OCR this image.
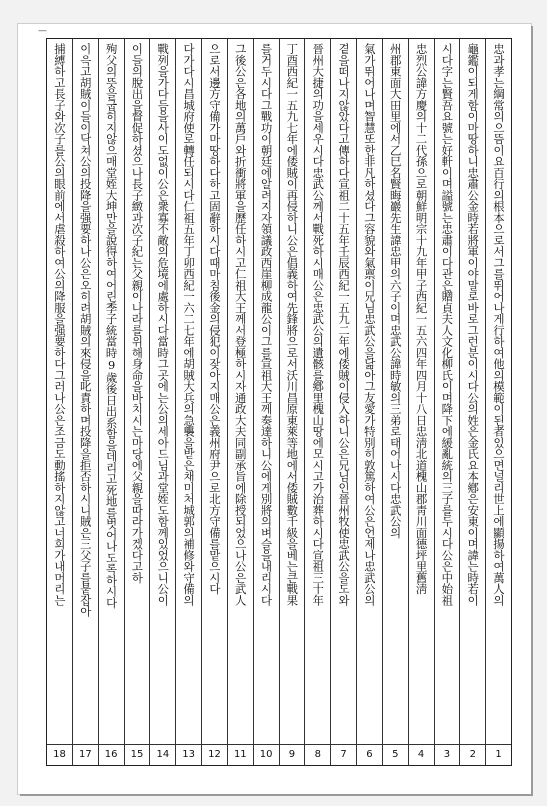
—
忠과孝는綱常의으뜸이요百行의根本으로서그를뛰어나게行하여他의模範이된者있으면널리世上에顯揚하여萬人의
1
龜鑑이되게함이마땅하니忠肅公金時若將軍이야말로바로그런분이시다公의姓은金氏요本鄕은安東이며諱는時若이
2
시다字는賢吾요號는好軒이며謚號는忠肅이다관은贈貞夫人文化柳氏이며降下에緩亂統의三子를두시다公은中始祖
3
忠烈公諱方慶의十二代孫으로朝鮮明宗十九年甲子西紀一五六四年四月十八日忠淸北道槐山郡靑川面德坪里舊淸
4
州郡東面大田里에서乙巳名賢晦巖先生諱忠甲의六子이며忠武公諱時敏의三弟로태어나시다忠武公의
5
氣가뛰어나며智慧또한非凡하셨다그容貌와氣禀이兄님忠武公을닮아그友愛가特別히敦篤하여公은언제나忠武公의
6
곁을떠나지않았다고傳하다宣祖二十五年壬辰西紀一五九二年에倭賊이侵入하니公은兄님인晉州牧使忠武公을도와
7
晉州大捷의功을세우시다忠武公께서戰死하시매公은忠武公의遺骸를鄕里槐山땅에모시고가治葬하시다宣祖三十年
8
丁酉西紀一五九七年에倭賊이再侵하니公은倡義하여先鋒將으로서沃川昌原東萊等地에서倭賊數千級을베는큰戰果
9
를거두시다그戰功이朝廷에알려지자領議政西崖柳成龍公이그를宣祖大王께奏達하니公에게別將의벼슬을내리시다
10
그後公은各地의萬戶와折衝將軍을歷任하시고仁祖大王께서登極하시자通政大夫同副承旨에除授되었으나公은武人
11
으로서邊方守備가마땅하다하고固辭하시다때마침後金의侵犯이잦아지매公은義州府尹으로北方守備를맡으시다
12
다가다시昌城府使로轉任되시다仁祖五年丁卯西紀一六二七年에胡賊大兵의急襲을받은채미처城郭의補修와守備의
13
戰列을가다듬을사이도없이公은衆寡不敵의危境에處하시다當時그곳에는公의세아드님과堂姪도함께있었으니公이
14
이들의脫出을督促하셨으나長子緻과次子紀는父親이나라를위해身命을바치시는마당에父親을따라가겠다고하
15
殉父의뜻을굽히지않으매堂姪大坤만을說得하여어린季子統當時9歲後日出系함을데리고死地를벗어나도록하시다
16
이윽고胡賊이들이닥쳐公의投降을强要하나公은오히려胡賊의來侵을叱責하며投降을拒否하시니賊은三父子를붙잡아
17
捕縛하고長子와次子를公의眼前에서虐殺하여公의降服을强要하다그러나公은조금도動搖하지않고너희가내머리는
18
